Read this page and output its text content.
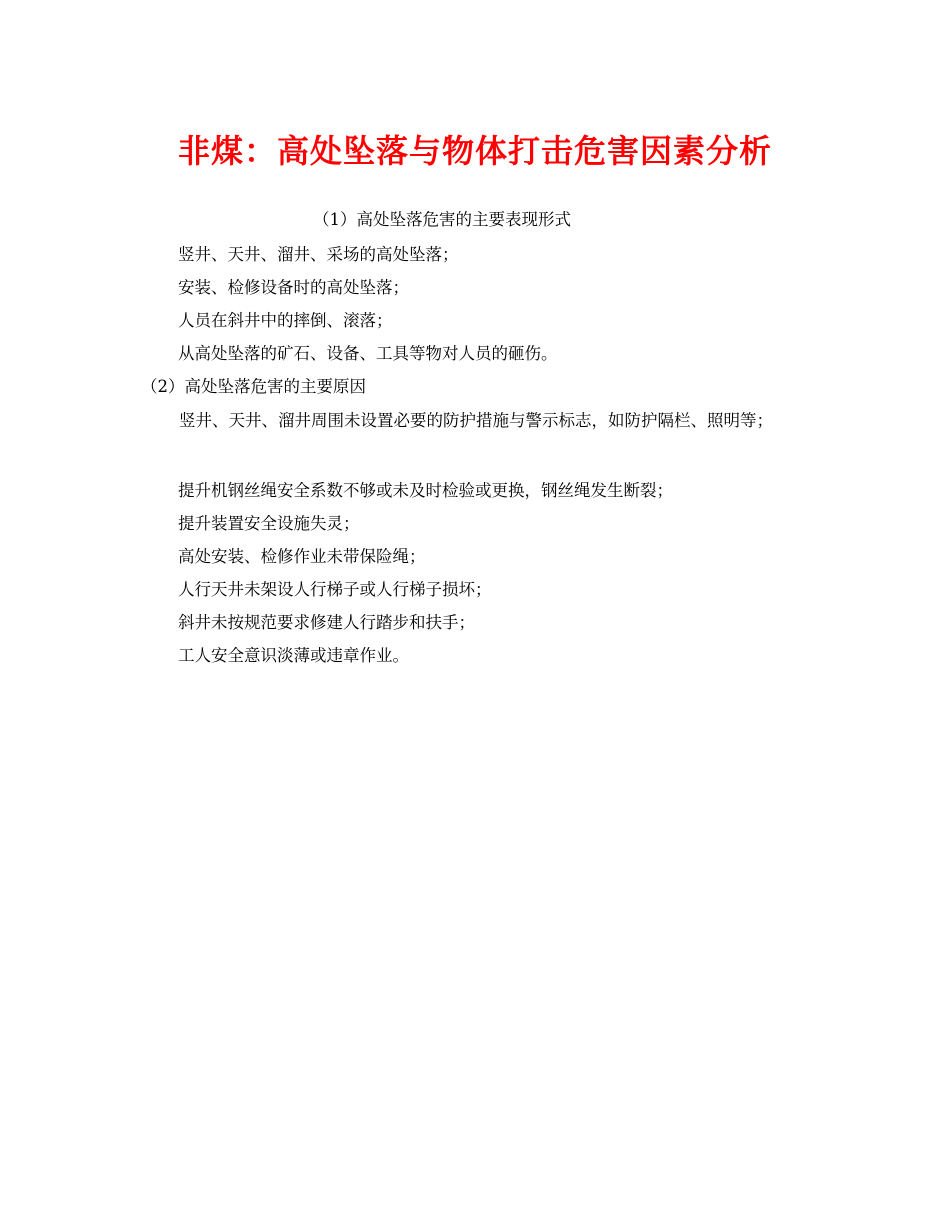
非煤：高处坠落与物体打击危害因素分析
（1）高处坠落危害的主要表现形式
竖井、天井、溜井、采场的高处坠落；
安装、检修设备时的高处坠落；
人员在斜井中的摔倒、滚落；
从高处坠落的矿石、设备、工具等物对人员的砸伤。
（2）高处坠落危害的主要原因
竖井、天井、溜井周围未设置必要的防护措施与警示标志，如防护隔栏、照明等；
提升机钢丝绳安全系数不够或未及时检验或更换，钢丝绳发生断裂；
提升装置安全设施失灵；
高处安装、检修作业未带保险绳；
人行天井未架设人行梯子或人行梯子损坏；
斜井未按规范要求修建人行踏步和扶手；
工人安全意识淡薄或违章作业。
